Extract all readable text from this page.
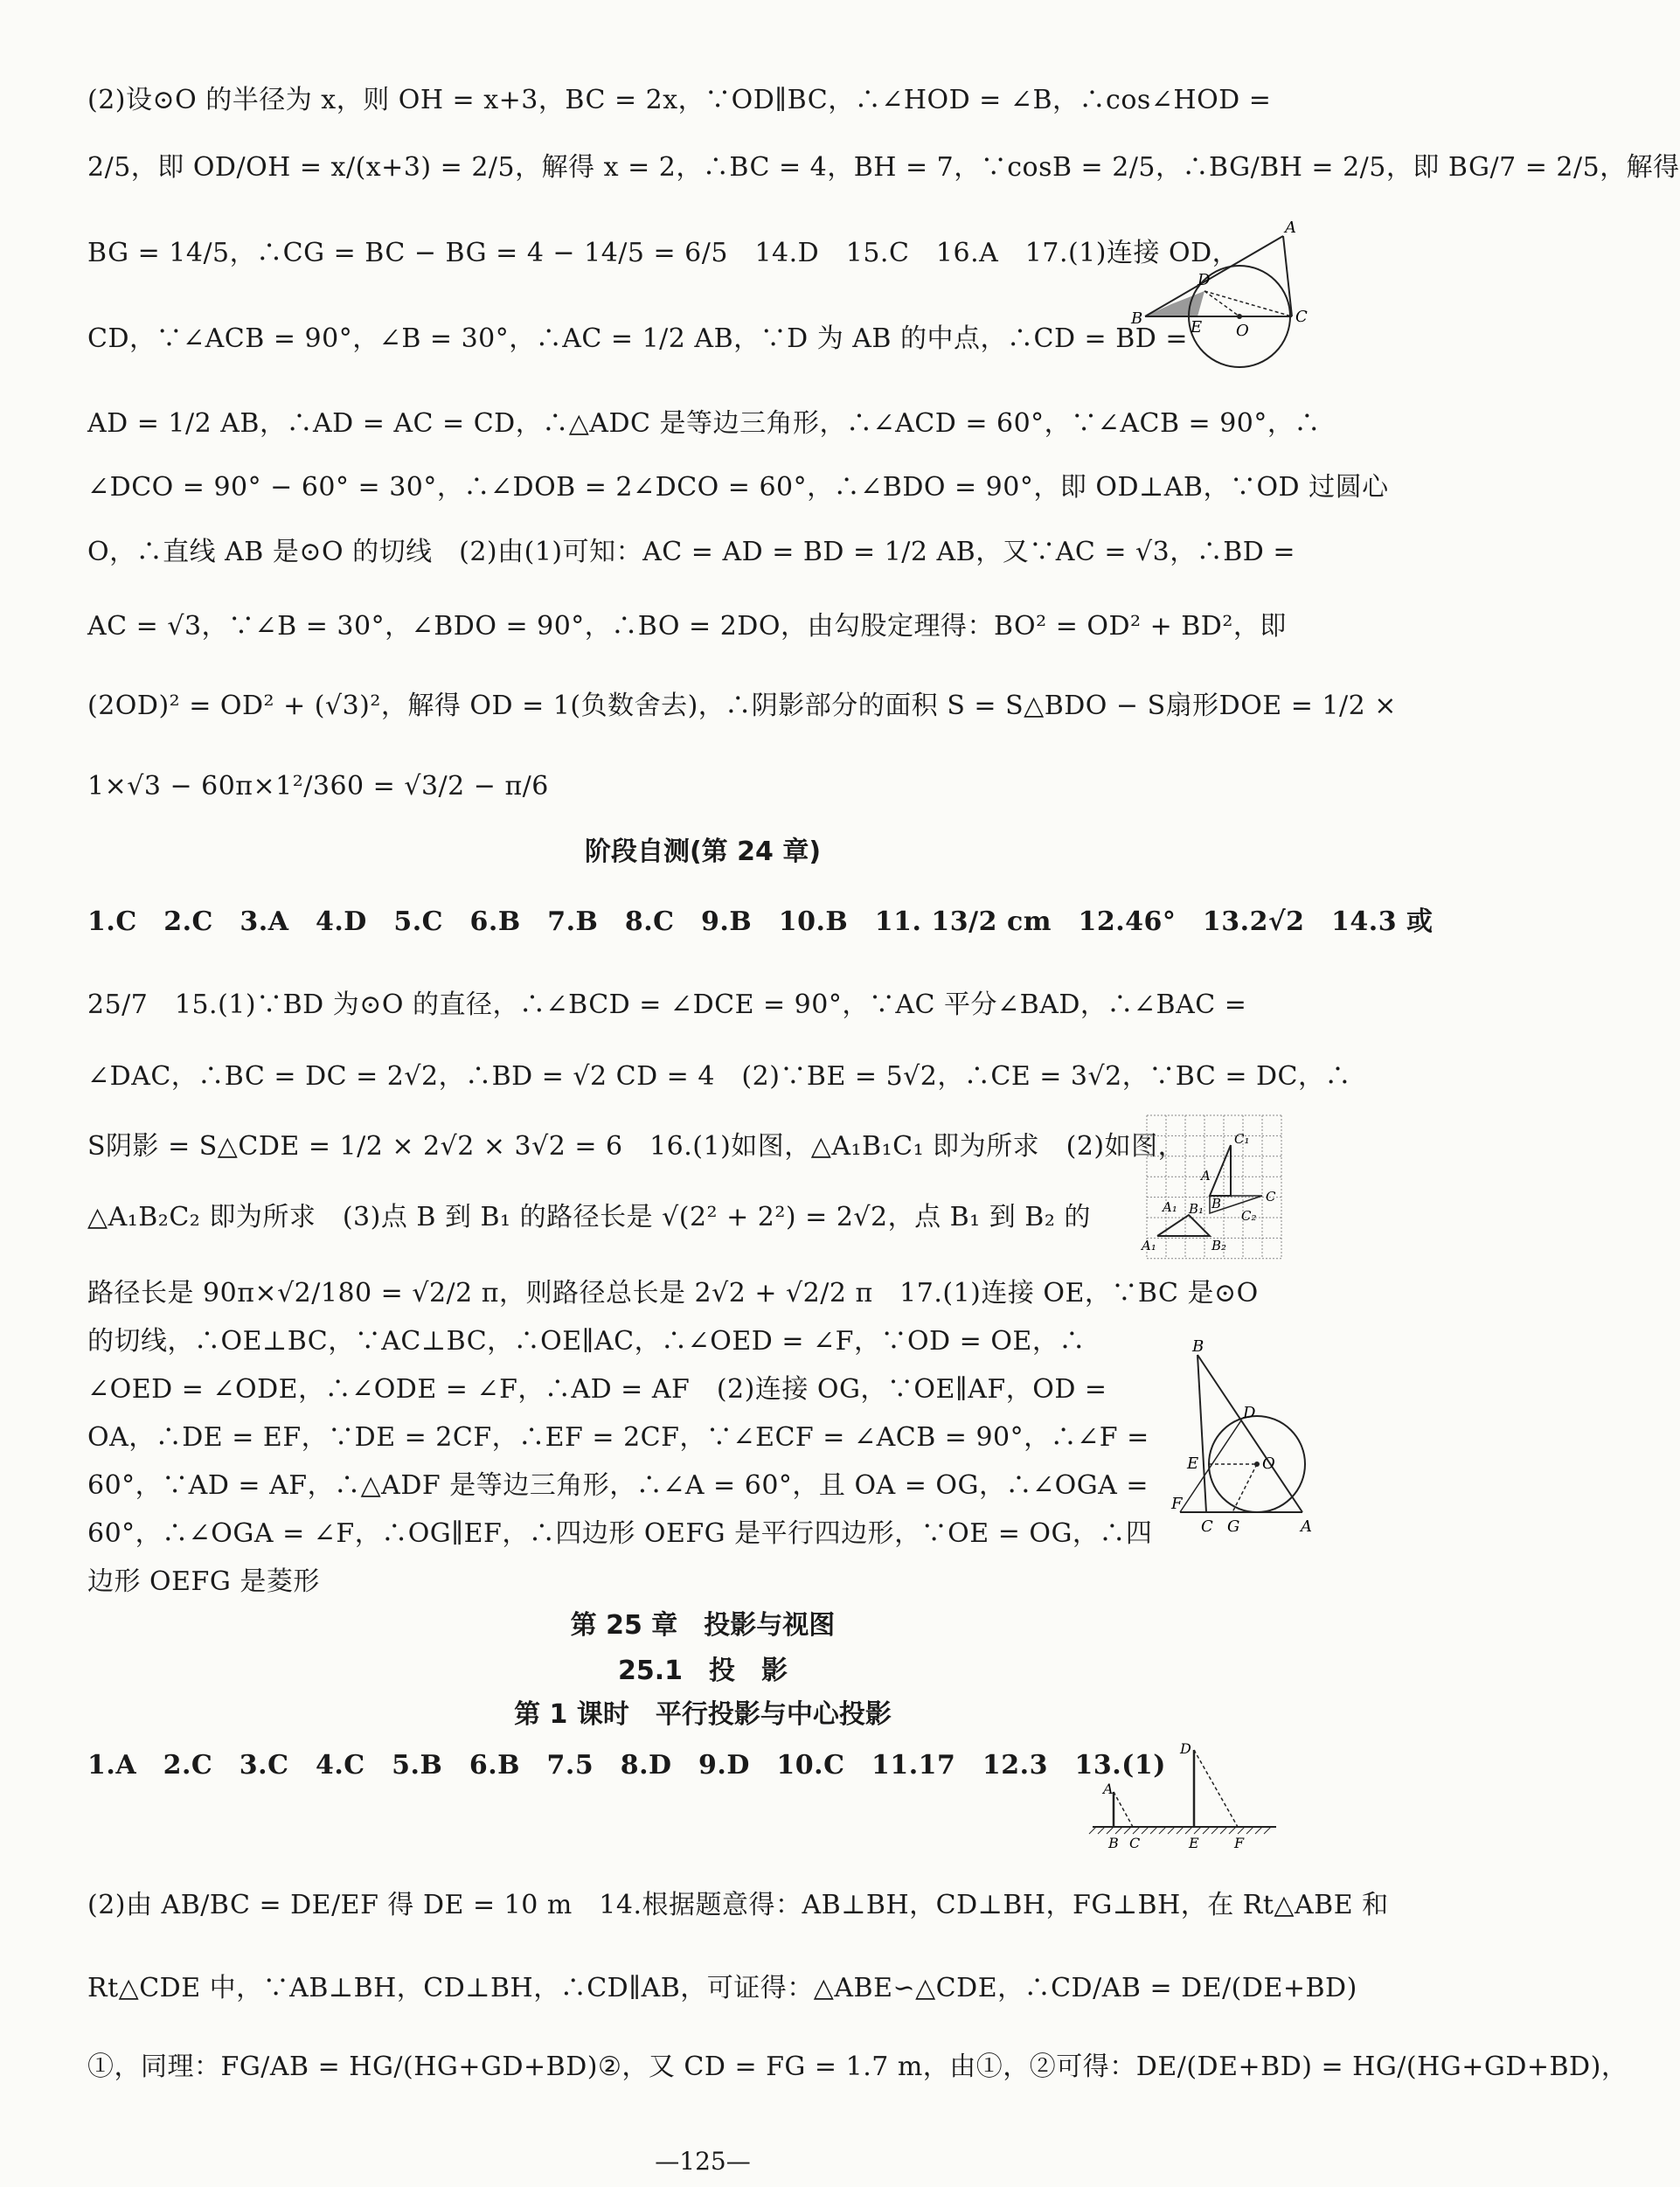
(2)设⊙O 的半径为 x，则 OH = x+3，BC = 2x，∵OD∥BC，∴∠HOD = ∠B，∴cos∠HOD =
2/5，即 OD/OH = x/(x+3) = 2/5，解得 x = 2，∴BC = 4，BH = 7，∵cosB = 2/5，∴BG/BH = 2/5，即 BG/7 = 2/5，解得
BG = 14/5，∴CG = BC − BG = 4 − 14/5 = 6/5　14.D　15.C　16.A　17.(1)连接 OD，
CD，∵∠ACB = 90°，∠B = 30°，∴AC = 1/2 AB，∵D 为 AB 的中点，∴CD = BD =
AD = 1/2 AB，∴AD = AC = CD，∴△ADC 是等边三角形，∴∠ACD = 60°，∵∠ACB = 90°，∴
∠DCO = 90° − 60° = 30°，∴∠DOB = 2∠DCO = 60°，∴∠BDO = 90°，即 OD⊥AB，∵OD 过圆心
O，∴直线 AB 是⊙O 的切线　(2)由(1)可知：AC = AD = BD = 1/2 AB，又∵AC = √3，∴BD =
AC = √3，∵∠B = 30°，∠BDO = 90°，∴BO = 2DO，由勾股定理得：BO² = OD² + BD²，即
(2OD)² = OD² + (√3)²，解得 OD = 1(负数舍去)，∴阴影部分的面积 S = S△BDO − S扇形DOE = 1/2 ×
1×√3 − 60π×1²/360 = √3/2 − π/6
阶段自测(第 24 章)
1.C　2.C　3.A　4.D　5.C　6.B　7.B　8.C　9.B　10.B　11. 13/2 cm　12.46°　13.2√2　14.3 或
25/7　15.(1)∵BD 为⊙O 的直径，∴∠BCD = ∠DCE = 90°，∵AC 平分∠BAD，∴∠BAC =
∠DAC，∴BC = DC = 2√2，∴BD = √2 CD = 4　(2)∵BE = 5√2，∴CE = 3√2，∵BC = DC，∴
S阴影 = S△CDE = 1/2 × 2√2 × 3√2 = 6　16.(1)如图，△A₁B₁C₁ 即为所求　(2)如图，
△A₁B₂C₂ 即为所求　(3)点 B 到 B₁ 的路径长是 √(2² + 2²) = 2√2，点 B₁ 到 B₂ 的
路径长是 90π×√2/180 = √2/2 π，则路径总长是 2√2 + √2/2 π　17.(1)连接 OE，∵BC 是⊙O
的切线，∴OE⊥BC，∵AC⊥BC，∴OE∥AC，∴∠OED = ∠F，∵OD = OE，∴
∠OED = ∠ODE，∴∠ODE = ∠F，∴AD = AF　(2)连接 OG，∵OE∥AF，OD =
OA，∴DE = EF，∵DE = 2CF，∴EF = 2CF，∵∠ECF = ∠ACB = 90°，∴∠F =
60°，∵AD = AF，∴△ADF 是等边三角形，∴∠A = 60°，且 OA = OG，∴∠OGA =
60°，∴∠OGA = ∠F，∴OG∥EF，∴四边形 OEFG 是平行四边形，∵OE = OG，∴四
边形 OEFG 是菱形
第 25 章　投影与视图
25.1　投　影
第 1 课时　平行投影与中心投影
1.A　2.C　3.C　4.C　5.B　6.B　7.5　8.D　9.D　10.C　11.17　12.3　13.(1)
(2)由 AB/BC = DE/EF 得 DE = 10 m　14.根据题意得：AB⊥BH，CD⊥BH，FG⊥BH，在 Rt△ABE 和
Rt△CDE 中，∵AB⊥BH，CD⊥BH，∴CD∥AB，可证得：△ABE∽△CDE，∴CD/AB = DE/(DE+BD)
①，同理：FG/AB = HG/(HG+GD+BD)②，又 CD = FG = 1.7 m，由①，②可得：DE/(DE+BD) = HG/(HG+GD+BD)，
—125—
A
D
B	E O
C
C₁
A
B	C
A₁ B₁	C₂
A₁	B₂
B
D
E	O
F
C G	A
A
D
B C	E	F
